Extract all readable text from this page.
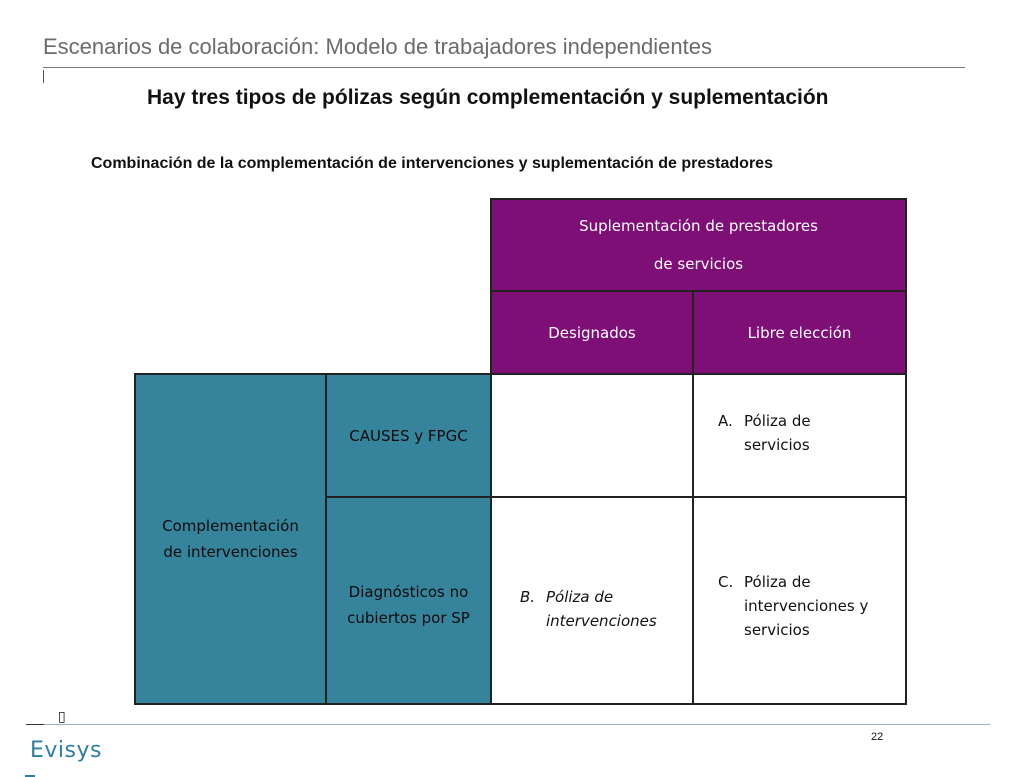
Escenarios de colaboración: Modelo de trabajadores independientes
Hay tres tipos de pólizas según complementación y suplementación
Combinación de la complementación de intervenciones y suplementación de prestadores
Suplementación de prestadores
de servicios
Designados	Libre elección
Complementación
de intervenciones
CAUSES y FPGC
Diagnósticos no
cubiertos por SP
A. Póliza de
servicios
B. Póliza de
intervenciones
C. Póliza de
intervenciones y
servicios
▯
Evisys
22
